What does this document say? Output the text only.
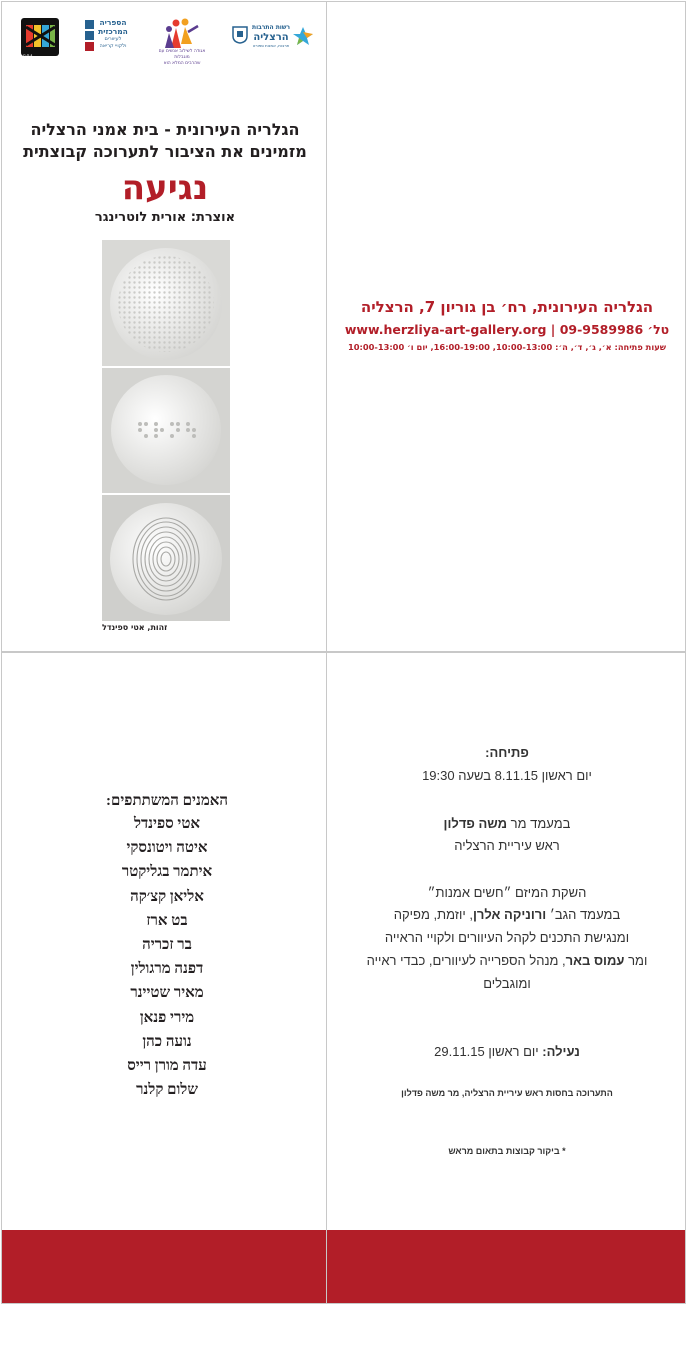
ג.ע.ה
הספריה
המרכזית
לעיוורים
ולקויי קריאה
אגודה לשילוב אנשים עם מוגבלות
שהרבים המלא הוא
רשות התרבות
הרצליה
תרבות, אמנות ספורט
הגלריה העירונית - בית אמני הרצליה
מזמינים את הציבור לתערוכה קבוצתית
נגיעה
אוצרת: אורית לוטרינגר
זהות, אטי ספינדל
הגלריה העירונית, רח׳ בן גוריון 7, הרצליה
טל׳ 09-9589986 | www.herzliya-art-gallery.org
שעות פתיחה: א׳, ג׳, ד׳, ה׳: 10:00-13:00, 16:00-19:00, יום ו׳ 10:00-13:00
האמנים המשתתפים:
אטי ספינדל
איטה ויטונסקי
איתמר בגליקטר
אליאן קצ׳קה
בט ארז
בר זכריה
דפנה מרגולין
מאיר שטיינר
מירי פנאן
נועה כהן
עדה מורן רייס
שלום קלנר
פתיחה:
יום ראשון 8.11.15 בשעה 19:30
במעמד מר משה פדלון
ראש עיריית הרצליה
השקת המיזם ״חשים אמנות״
במעמד הגב׳ ורוניקה אלרן, יוזמת, מפיקה
ומנגישת התכנים לקהל העיוורים ולקויי הראייה
ומר עמוס באר, מנהל הספרייה לעיוורים, כבדי ראייה
ומוגבלים
נעילה: יום ראשון 29.11.15
התערוכה בחסות ראש עיריית הרצליה, מר משה פדלון
* ביקור קבוצות בתאום מראש
